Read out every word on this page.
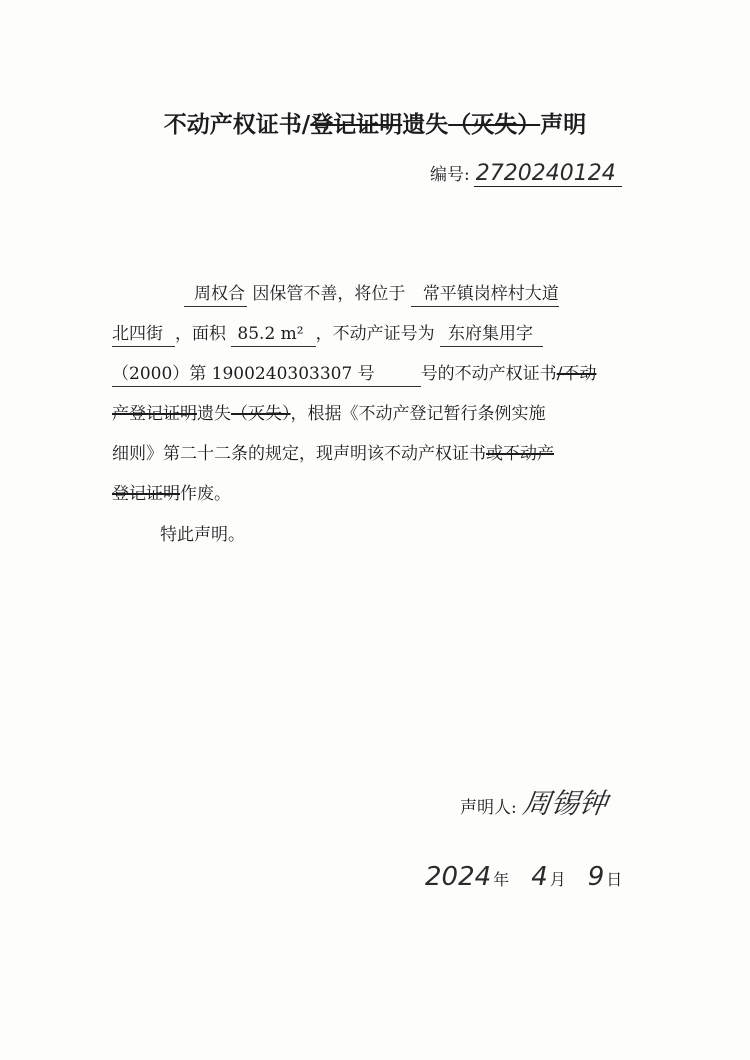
不动产权证书/登记证明遗失（灭失）声明
编号: 2720240124
周权合 因保管不善，将位于 常平镇岗梓村大道
北四街 ，面积 85.2 m² ，不动产证号为 东府集用字
（2000）第 1900240303307 号	号的不动产权证书/不动
产登记证明遗失（灭失），根据《不动产登记暂行条例实施
细则》第二十二条的规定，现声明该不动产权证书或不动产
登记证明作废。
特此声明。
声明人: 周锡钟
2024 年 4 月 9 日
